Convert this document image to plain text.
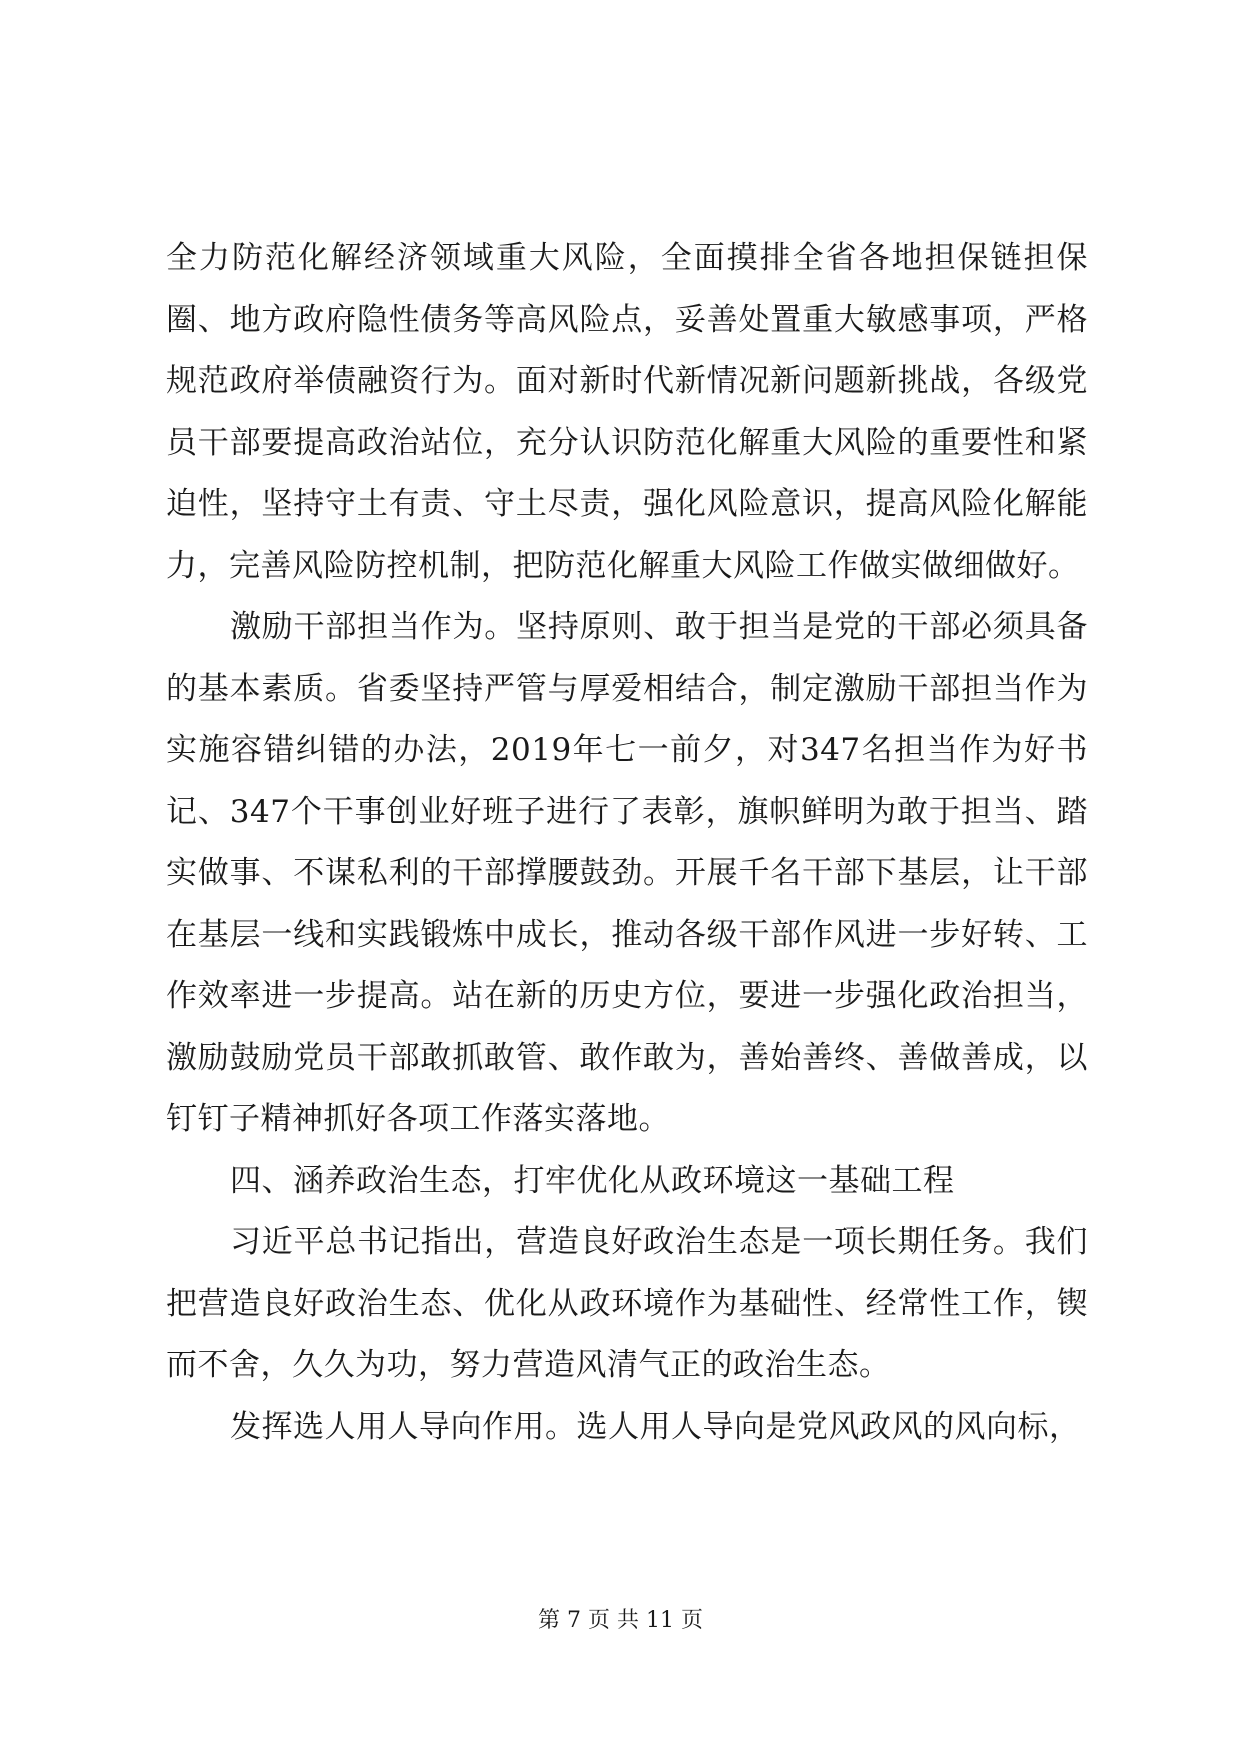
全力防范化解经济领域重大风险，全面摸排全省各地担保链担保圈、地方政府隐性债务等高风险点，妥善处置重大敏感事项，严格规范政府举债融资行为。面对新时代新情况新问题新挑战，各级党员干部要提高政治站位，充分认识防范化解重大风险的重要性和紧迫性，坚持守土有责、守土尽责，强化风险意识，提高风险化解能力，完善风险防控机制，把防范化解重大风险工作做实做细做好。

激励干部担当作为。坚持原则、敢于担当是党的干部必须具备的基本素质。省委坚持严管与厚爱相结合，制定激励干部担当作为实施容错纠错的办法，2019年七一前夕，对347名担当作为好书记、347个干事创业好班子进行了表彰，旗帜鲜明为敢于担当、踏实做事、不谋私利的干部撑腰鼓劲。开展千名干部下基层，让干部在基层一线和实践锻炼中成长，推动各级干部作风进一步好转、工作效率进一步提高。站在新的历史方位，要进一步强化政治担当，激励鼓励党员干部敢抓敢管、敢作敢为，善始善终、善做善成，以钉钉子精神抓好各项工作落实落地。

四、涵养政治生态，打牢优化从政环境这一基础工程

习近平总书记指出，营造良好政治生态是一项长期任务。我们把营造良好政治生态、优化从政环境作为基础性、经常性工作，锲而不舍，久久为功，努力营造风清气正的政治生态。

发挥选人用人导向作用。选人用人导向是党风政风的风向标，

第 7 页 共 11 页
